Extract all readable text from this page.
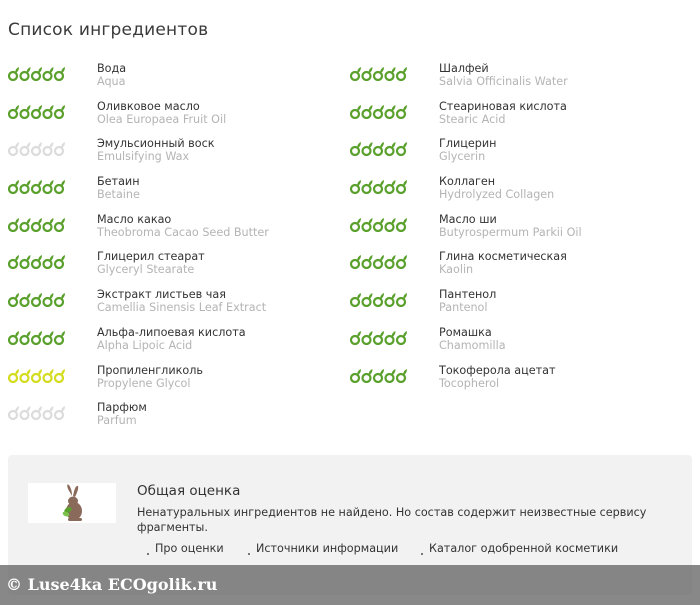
Список ингредиентов
Вода
Aqua
Оливковое масло
Olea Europaea Fruit Oil
Эмульсионный воск
Emulsifying Wax
Бетаин
Betaine
Масло какао
Theobroma Cacao Seed Butter
Глицерил стеарат
Glyceryl Stearate
Экстракт листьев чая
Camellia Sinensis Leaf Extract
Альфа-липоевая кислота
Alpha Lipoic Acid
Пропиленгликоль
Propylene Glycol
Парфюм
Parfum
Шалфей
Salvia Officinalis Water
Стеариновая кислота
Stearic Acid
Глицерин
Glycerin
Коллаген
Hydrolyzed Collagen
Масло ши
Butyrospermum Parkii Oil
Глина косметическая
Kaolin
Пантенол
Pantenol
Ромашка
Chamomilla
Токоферола ацетат
Tocopherol
Общая оценка
Ненатуральных ингредиентов не найдено. Но состав содержит неизвестные сервису фрагменты.
Про оценки	Источники информации	Каталог одобренной косметики
© Luse4ka ECOgolik.ru
